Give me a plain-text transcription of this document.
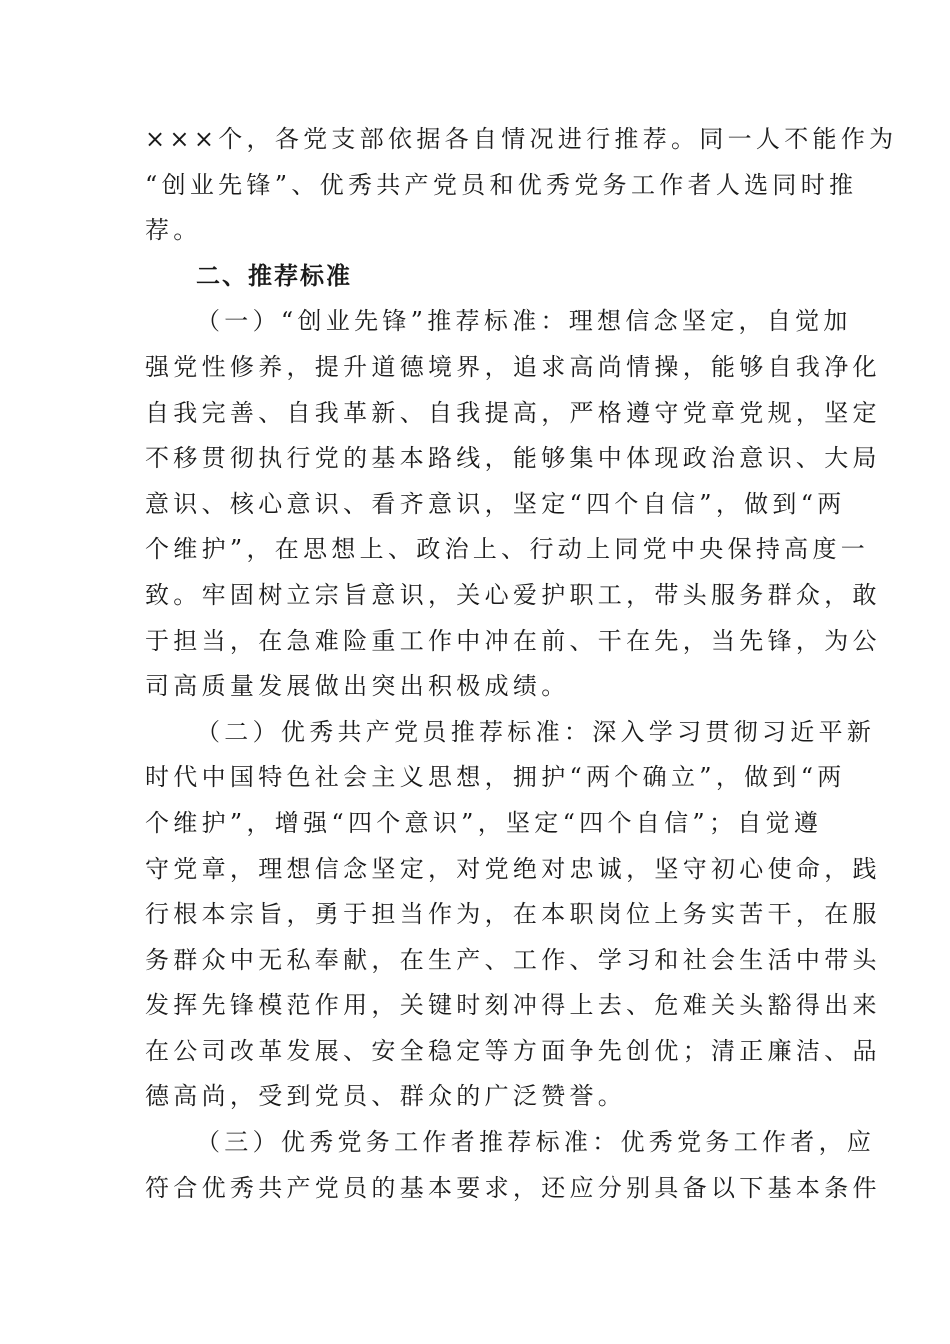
×××个，各党支部依据各自情况进行推荐。同一人不能作为
“创业先锋”、优秀共产党员和优秀党务工作者人选同时推
荐。
二、推荐标准
（一）“创业先锋”推荐标准：理想信念坚定，自觉加
强党性修养，提升道德境界，追求高尚情操，能够自我净化
自我完善、自我革新、自我提高，严格遵守党章党规，坚定
不移贯彻执行党的基本路线，能够集中体现政治意识、大局
意识、核心意识、看齐意识，坚定“四个自信”，做到“两
个维护”，在思想上、政治上、行动上同党中央保持高度一
致。牢固树立宗旨意识，关心爱护职工，带头服务群众，敢
于担当，在急难险重工作中冲在前、干在先，当先锋，为公
司高质量发展做出突出积极成绩。
（二）优秀共产党员推荐标准：深入学习贯彻习近平新
时代中国特色社会主义思想，拥护“两个确立”，做到“两
个维护”，增强“四个意识”，坚定“四个自信”；自觉遵
守党章，理想信念坚定，对党绝对忠诚，坚守初心使命，践
行根本宗旨，勇于担当作为，在本职岗位上务实苦干，在服
务群众中无私奉献，在生产、工作、学习和社会生活中带头
发挥先锋模范作用，关键时刻冲得上去、危难关头豁得出来
在公司改革发展、安全稳定等方面争先创优；清正廉洁、品
德高尚，受到党员、群众的广泛赞誉。
（三）优秀党务工作者推荐标准：优秀党务工作者，应
符合优秀共产党员的基本要求，还应分别具备以下基本条件
